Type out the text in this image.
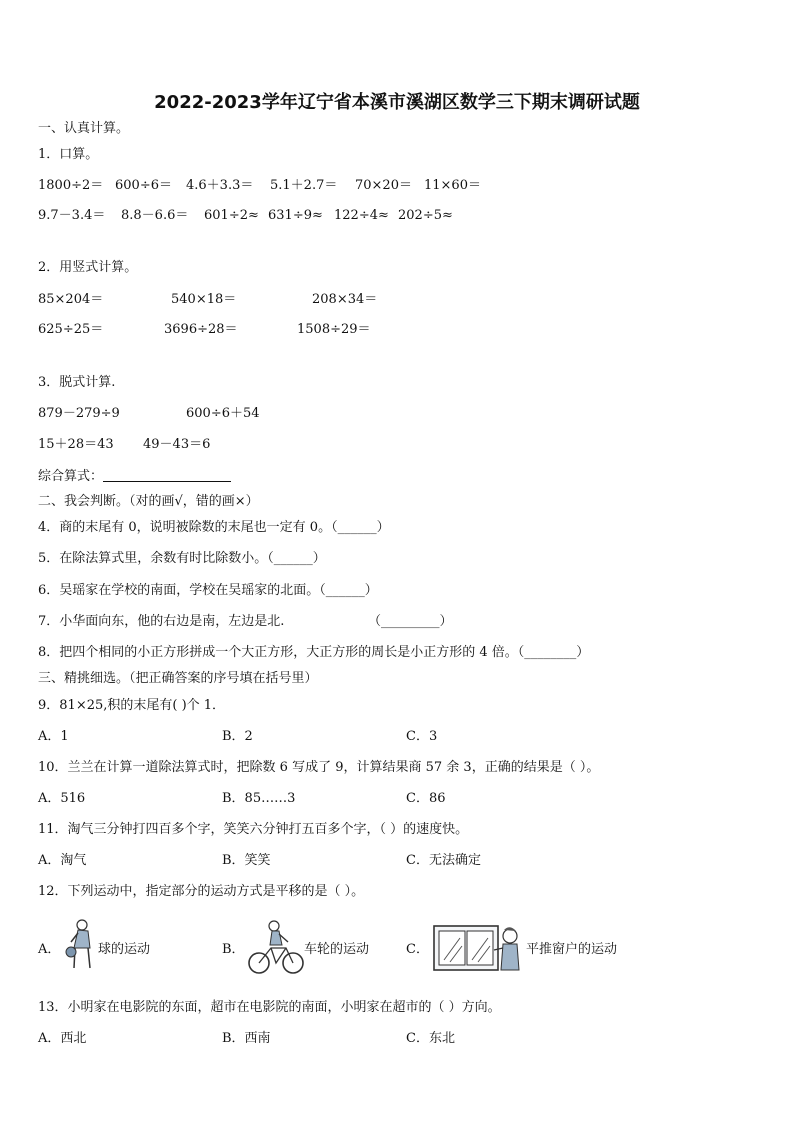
2022-2023学年辽宁省本溪市溪湖区数学三下期末调研试题
一、认真计算。
1．口算。
1800÷2＝ 600÷6＝ 4.6＋3.3＝ 5.1＋2.7＝ 70×20＝ 11×60＝
9.7－3.4＝ 8.8－6.6＝ 601÷2≈ 631÷9≈ 122÷4≈ 202÷5≈
2．用竖式计算。
85×204＝	540×18＝	208×34＝
625÷25＝	3696÷28＝	1508÷29＝
3．脱式计算.
879－279÷9	600÷6＋54
15＋28＝43 49－43＝6
综合算式：
二、我会判断。（对的画√，错的画×）
4．商的末尾有 0，说明被除数的末尾也一定有 0。（______）
5．在除法算式里，余数有时比除数小。（______）
6．吴瑶家在学校的南面，学校在吴瑶家的北面。（______）
7．小华面向东，他的右边是南，左边是北.	（_________）
8．把四个相同的小正方形拼成一个大正方形，大正方形的周长是小正方形的 4 倍。（________）
三、精挑细选。（把正确答案的序号填在括号里）
9．81×25,积的末尾有( )个 1．
A．1	B．2	C．3
10．兰兰在计算一道除法算式时，把除数 6 写成了 9，计算结果商 57 余 3，正确的结果是（ ）。
A．516	B．85……3	C．86
11．淘气三分钟打四百多个字，笑笑六分钟打五百多个字，（ ）的速度快。
A．淘气	B．笑笑	C．无法确定
12．下列运动中，指定部分的运动方式是平移的是（ ）。
A．	球的运动	B．	车轮的运动	C．	平推窗户的运动
13．小明家在电影院的东面，超市在电影院的南面，小明家在超市的（ ）方向。
A．西北	B．西南	C．东北
